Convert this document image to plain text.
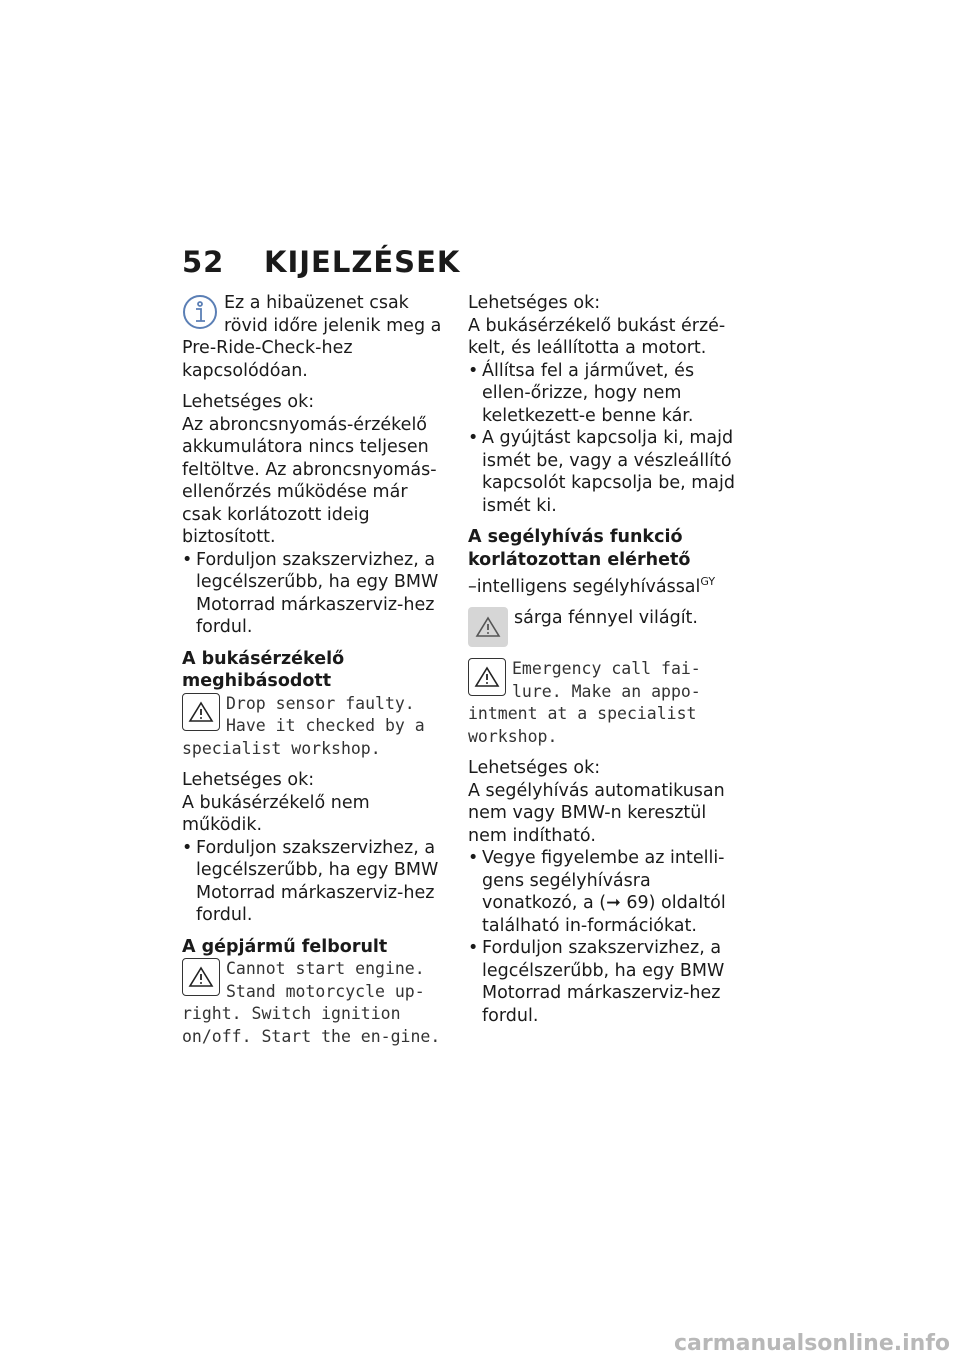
52 KIJELZÉSEK

Ez a hibaüzenet csak rövid időre jelenik meg a Pre-Ride-Check-hez kapcsolódóan.

Lehetséges ok:

Az abroncsnyomás-érzékelő akkumulátora nincs teljesen feltöltve. Az abroncsnyomás-ellenőrzés működése már csak korlátozott ideig biztosított.

• Forduljon szakszervizhez, a legcélszerűbb, ha egy BMW Motorrad márkaszerviz-hez fordul.

A bukásérzékelő meghibásodott

Drop sensor faulty. Have it checked by a specialist workshop.

Lehetséges ok:

A bukásérzékelő nem működik.

• Forduljon szakszervizhez, a legcélszerűbb, ha egy BMW Motorrad márkaszerviz-hez fordul.

A gépjármű felborult

Cannot start engine. Stand motorcycle up-right. Switch ignition on/off. Start the en-gine.

Lehetséges ok:

A bukásérzékelő bukást érzé-kelt, és leállította a motort.

• Állítsa fel a járművet, és ellen-őrizze, hogy nem keletkezett-e benne kár.

• A gyújtást kapcsolja ki, majd ismét be, vagy a vészleállító kapcsolót kapcsolja be, majd ismét ki.

A segélyhívás funkció korlátozottan elérhető

–intelligens segélyhívással$^{GY}$

sárga fénnyel világít.

Emergency call fai-lure. Make an appo-intment at a specialist workshop.

Lehetséges ok:

A segélyhívás automatikusan nem vagy BMW-n keresztül nem indítható.

• Vegye figyelembe az intelli-gens segélyhívásra vonatkozó, a (➞ 69) oldaltól található in-formációkat.

• Forduljon szakszervizhez, a legcélszerűbb, ha egy BMW Motorrad márkaszerviz-hez fordul.

carmanualsonline.info
